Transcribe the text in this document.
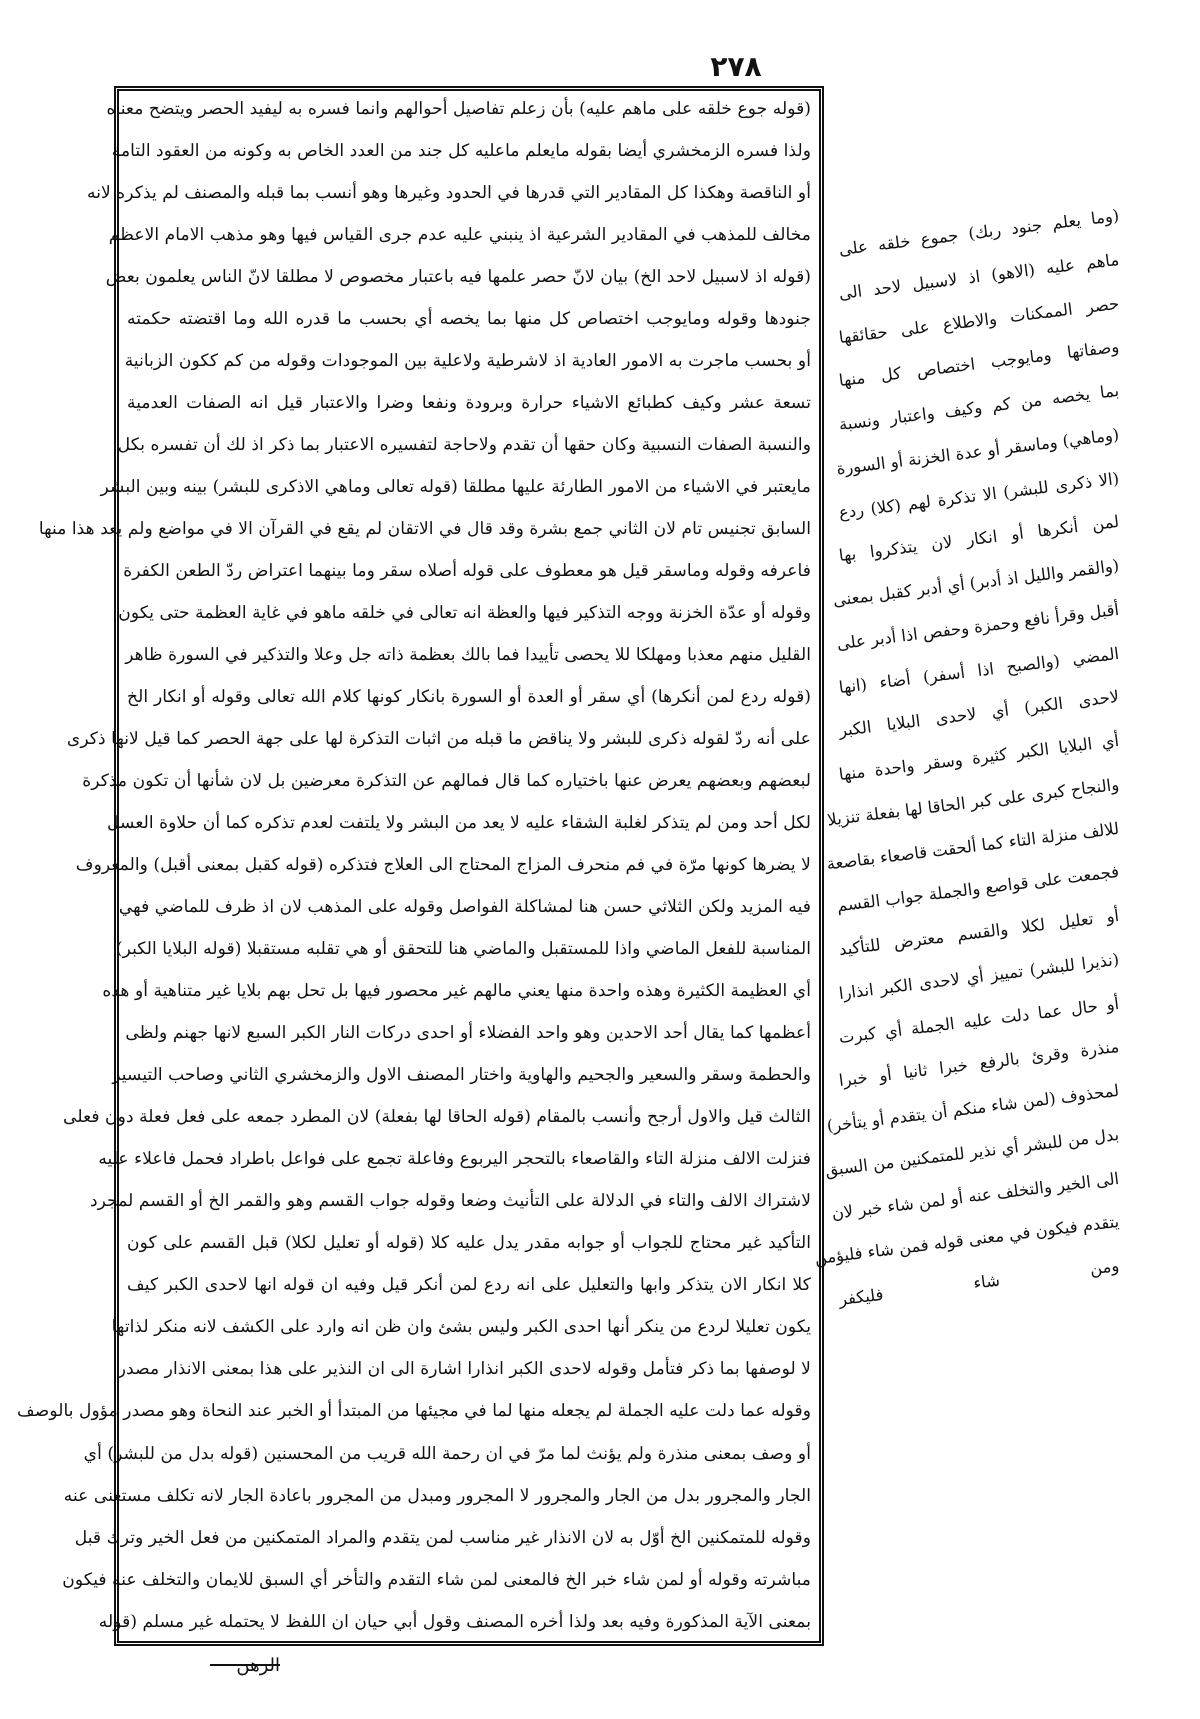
٢٧٨
(قوله جوع خلقه على ماهم عليه) بأن زعلم تفاصيل أحوالهم وانما فسره به ليفيد الحصر ويتضح معناه
ولذا فسره الزمخشري أيضا بقوله مايعلم ماعليه كل جند من العدد الخاص به وكونه من العقود التامة
أو الناقصة وهكذا كل المقادير التي قدرها في الحدود وغيرها وهو أنسب بما قبله والمصنف لم يذكره لانه
مخالف للمذهب في المقادير الشرعية اذ ينبني عليه عدم جرى القياس فيها وهو مذهب الامام الاعظم
(قوله اذ لاسبيل لاحد الخ) بيان لانّ حصر علمها فيه باعتبار مخصوص لا مطلقا لانّ الناس يعلمون بعض
جنودها وقوله ومايوجب اختصاص كل منها بما يخصه أي بحسب ما قدره الله وما اقتضته حكمته
أو بحسب ماجرت به الامور العادية اذ لاشرطية ولاعلية بين الموجودات وقوله من كم ككون الزبانية
تسعة عشر وكيف كطبائع الاشياء حرارة وبرودة ونفعا وضرا والاعتبار قيل انه الصفات العدمية
والنسبة الصفات النسبية وكان حقها أن تقدم ولاحاجة لتفسيره الاعتبار بما ذكر اذ لك أن تفسره بكل
مايعتبر في الاشياء من الامور الطارئة عليها مطلقا (قوله تعالى وماهي الاذكرى للبشر) بينه وبين البشر
السابق تجنيس تام لان الثاني جمع بشرة وقد قال في الاتقان لم يقع في القرآن الا في مواضع ولم يعد هذا منها
فاعرفه وقوله وماسقر قيل هو معطوف على قوله أصلاه سقر وما بينهما اعتراض ردّ الطعن الكفرة
وقوله أو عدّة الخزنة ووجه التذكير فيها والعظة انه تعالى في خلقه ماهو في غاية العظمة حتى يكون
القليل منهم معذبا ومهلكا للا يحصى تأييدا فما بالك بعظمة ذاته جل وعلا والتذكير في السورة ظاهر
(قوله ردع لمن أنكرها) أي سقر أو العدة أو السورة بانكار كونها كلام الله تعالى وقوله أو انكار الخ
على أنه ردّ لقوله ذكرى للبشر ولا يناقض ما قبله من اثبات التذكرة لها على جهة الحصر كما قيل لانها ذكرى
لبعضهم وبعضهم يعرض عنها باختياره كما قال فمالهم عن التذكرة معرضين بل لان شأنها أن تكون مذكرة
لكل أحد ومن لم يتذكر لغلبة الشقاء عليه لا يعد من البشر ولا يلتفت لعدم تذكره كما أن حلاوة العسل
لا يضرها كونها مرّة في فم منحرف المزاج المحتاج الى العلاج فتذكره (قوله كقبل بمعنى أقبل) والمعروف
فيه المزيد ولكن الثلاثي حسن هنا لمشاكلة الفواصل وقوله على المذهب لان اذ ظرف للماضي فهي
المناسبة للفعل الماضي واذا للمستقبل والماضي هنا للتحقق أو هي تقلبه مستقبلا (قوله البلايا الكبر)
أي العظيمة الكثيرة وهذه واحدة منها يعني مالهم غير محصور فيها بل تحل بهم بلايا غير متناهية أو هذه
أعظمها كما يقال أحد الاحدين وهو واحد الفضلاء أو احدى دركات النار الكبر السبع لانها جهنم ولظى
والحطمة وسقر والسعير والجحيم والهاوية واختار المصنف الاول والزمخشري الثاني وصاحب التيسير
الثالث قيل والاول أرجح وأنسب بالمقام (قوله الحاقا لها بفعلة) لان المطرد جمعه على فعل فعلة دون فعلى
فنزلت الالف منزلة التاء والقاصعاء بالتحجر اليربوع وفاعلة تجمع على فواعل باطراد فحمل فاعلاء عليه
لاشتراك الالف والتاء في الدلالة على التأنيث وضعا وقوله جواب القسم وهو والقمر الخ أو القسم لمجرد
التأكيد غير محتاج للجواب أو جوابه مقدر يدل عليه كلا (قوله أو تعليل لكلا) قبل القسم على كون
كلا انكار الان يتذكر وابها والتعليل على انه ردع لمن أنكر قيل وفيه ان قوله انها لاحدى الكبر كيف
يكون تعليلا لردع من ينكر أنها احدى الكبر وليس بشئ وان ظن انه وارد على الكشف لانه منكر لذاتها
لا لوصفها بما ذكر فتأمل وقوله لاحدى الكبر انذارا اشارة الى ان النذير على هذا بمعنى الانذار مصدر
وقوله عما دلت عليه الجملة لم يجعله منها لما في مجيئها من المبتدأ أو الخبر عند النحاة وهو مصدر مؤول بالوصف
أو وصف بمعنى منذرة ولم يؤنث لما مرّ في ان رحمة الله قريب من المحسنين (قوله بدل من للبشر) أي
الجار والمجرور بدل من الجار والمجرور لا المجرور ومبدل من المجرور باعادة الجار لانه تكلف مستغنى عنه
وقوله للمتمكنين الخ أوّل به لان الانذار غير مناسب لمن يتقدم والمراد المتمكنين من فعل الخير وترك قبل
مباشرته وقوله أو لمن شاء خبر الخ فالمعنى لمن شاء التقدم والتأخر أي السبق للايمان والتخلف عنه فيكون
بمعنى الآية المذكورة وفيه بعد ولذا أخره المصنف وقول أبي حيان ان اللفظ لا يحتمله غير مسلم (قوله
(وما يعلم جنود ربك) جموع خلقه على
ماهم عليه (الاهو) اذ لاسبيل لاحد الى
حصر الممكنات والاطلاع على حقائقها
وصفاتها ومايوجب اختصاص كل منها
بما يخصه من كم وكيف واعتبار ونسبة
(وماهي) وماسقر أو عدة الخزنة أو السورة
(الا ذكرى للبشر) الا تذكرة لهم (كلا) ردع
لمن أنكرها أو انكار لان يتذكروا بها
(والقمر والليل اذ أدبر) أي أدبر كقبل بمعنى
أقبل وقرأ نافع وحمزة وحفص اذا أدبر على
المضي (والصبح اذا أسفر) أضاء (انها
لاحدى الكبر) أي لاحدى البلايا الكبر
أي البلايا الكبر كثيرة وسقر واحدة منها
والنجاح كبرى على كبر الحاقا لها بفعلة تنزيلا
للالف منزلة التاء كما ألحقت قاصعاء بقاصعة
فجمعت على قواصع والجملة جواب القسم
أو تعليل لكلا والقسم معترض للتأكيد
(نذيرا للبشر) تمييز أي لاحدى الكبر انذارا
أو حال عما دلت عليه الجملة أي كبرت
منذرة وقرئ بالرفع خبرا ثانيا أو خبرا
لمحذوف (لمن شاء منكم أن يتقدم أو يتأخر)
بدل من للبشر أي نذير للمتمكنين من السبق
الى الخير والتخلف عنه أو لمن شاء خبر لان
يتقدم فيكون في معنى قوله فمن شاء فليؤمن
ومن شاء فليكفر
الرهن
